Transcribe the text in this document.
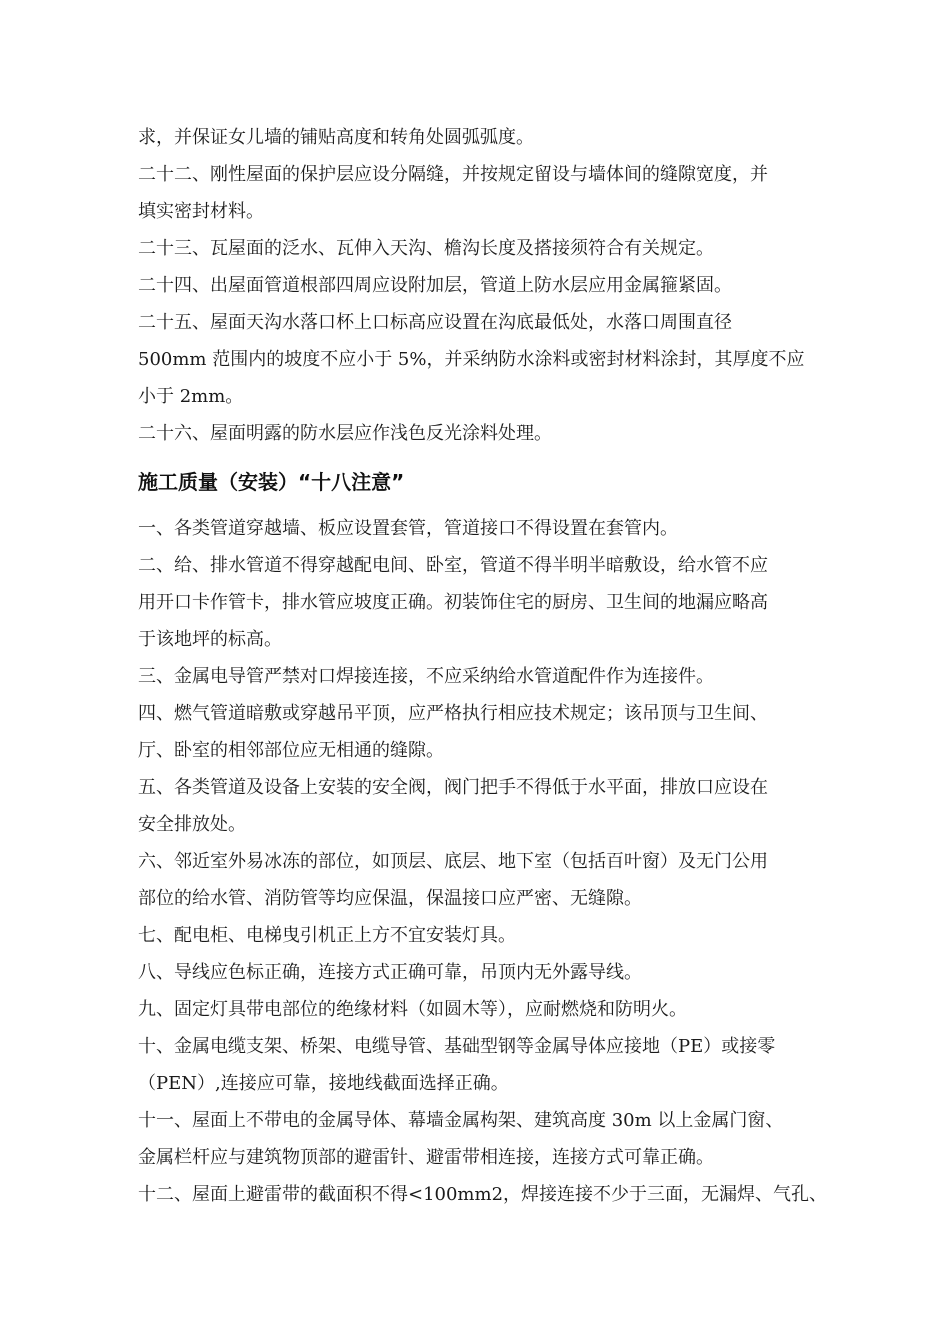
求，并保证女儿墙的铺贴高度和转角处圆弧弧度。
二十二、刚性屋面的保护层应设分隔缝，并按规定留设与墙体间的缝隙宽度，并
填实密封材料。
二十三、瓦屋面的泛水、瓦伸入天沟、檐沟长度及搭接须符合有关规定。
二十四、出屋面管道根部四周应设附加层，管道上防水层应用金属箍紧固。
二十五、屋面天沟水落口杯上口标高应设置在沟底最低处，水落口周围直径
500mm 范围内的坡度不应小于 5%，并采纳防水涂料或密封材料涂封，其厚度不应
小于 2mm。
二十六、屋面明露的防水层应作浅色反光涂料处理。
施工质量（安装）“十八注意”
一、各类管道穿越墙、板应设置套管，管道接口不得设置在套管内。
二、给、排水管道不得穿越配电间、卧室，管道不得半明半暗敷设，给水管不应
用开口卡作管卡，排水管应坡度正确。初装饰住宅的厨房、卫生间的地漏应略高
于该地坪的标高。
三、金属电导管严禁对口焊接连接，不应采纳给水管道配件作为连接件。
四、燃气管道暗敷或穿越吊平顶，应严格执行相应技术规定；该吊顶与卫生间、
厅、卧室的相邻部位应无相通的缝隙。
五、各类管道及设备上安装的安全阀，阀门把手不得低于水平面，排放口应设在
安全排放处。
六、邻近室外易冰冻的部位，如顶层、底层、地下室（包括百叶窗）及无门公用
部位的给水管、消防管等均应保温，保温接口应严密、无缝隙。
七、配电柜、电梯曳引机正上方不宜安装灯具。
八、导线应色标正确，连接方式正确可靠，吊顶内无外露导线。
九、固定灯具带电部位的绝缘材料（如圆木等），应耐燃烧和防明火。
十、金属电缆支架、桥架、电缆导管、基础型钢等金属导体应接地（PE）或接零
（PEN）,连接应可靠，接地线截面选择正确。
十一、屋面上不带电的金属导体、幕墙金属构架、建筑高度 30m 以上金属门窗、
金属栏杆应与建筑物顶部的避雷针、避雷带相连接，连接方式可靠正确。
十二、屋面上避雷带的截面积不得<100mm2，焊接连接不少于三面，无漏焊、气孔、
